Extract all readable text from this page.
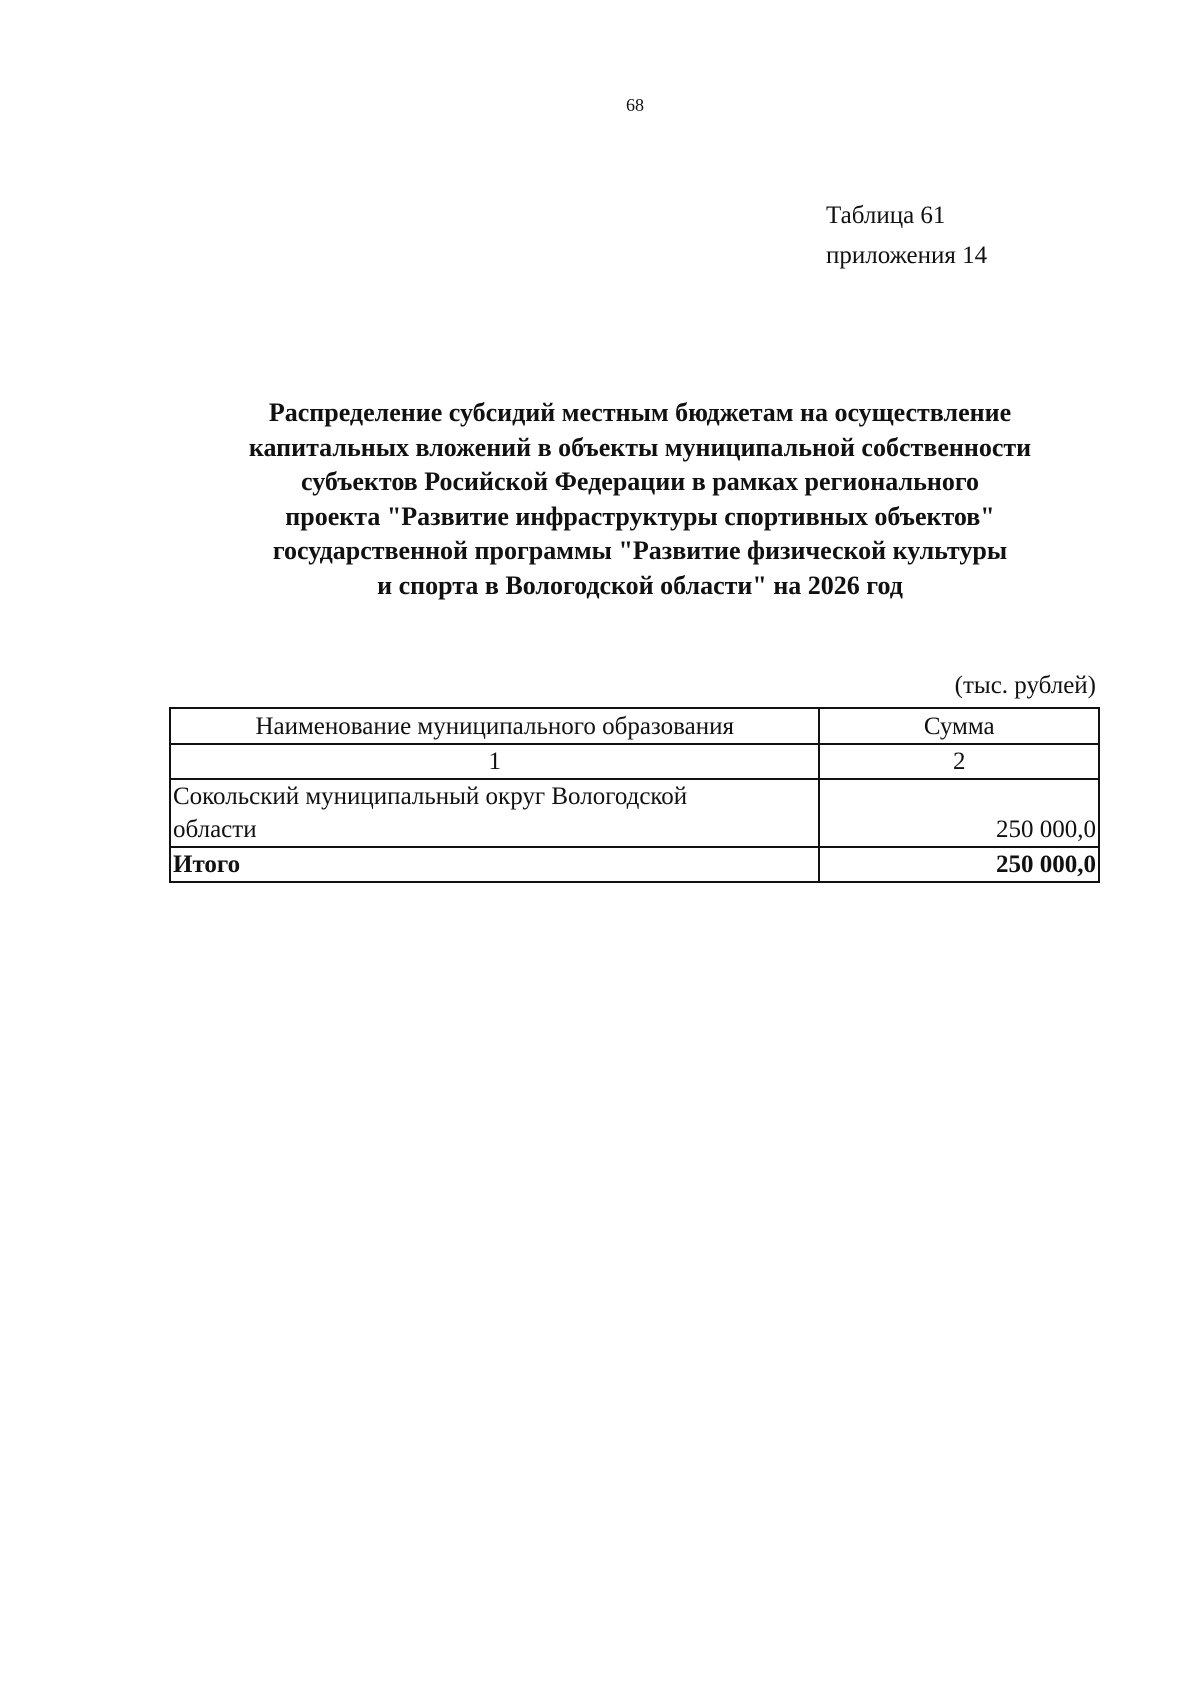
68
Таблица 61
приложения 14
Распределение субсидий местным бюджетам на осуществление
капитальных вложений в объекты муниципальной собственности
субъектов Росийской Федерации в рамках регионального
проекта "Развитие инфраструктуры спортивных объектов"
государственной программы "Развитие физической культуры
и спорта в Вологодской области" на 2026 год
(тыс. рублей)
Наименование муниципального образования	Сумма
1	2

Сокольский муниципальный округ Вологодской
области	250 000,0
Итого	250 000,0
